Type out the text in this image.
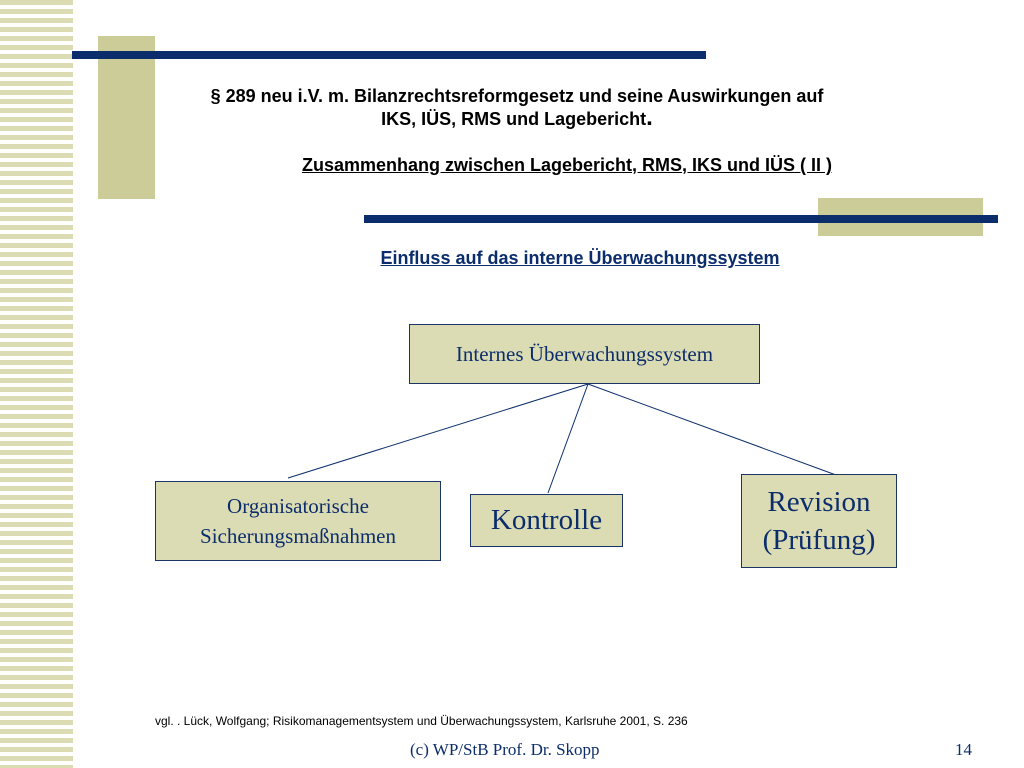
§ 289 neu i.V. m. Bilanzrechtsreformgesetz und seine Auswirkungen auf
IKS, IÜS, RMS und Lagebericht.
Zusammenhang zwischen Lagebericht, RMS, IKS und IÜS ( II )
Einfluss auf das interne Überwachungssystem
Internes Überwachungssystem
Organisatorische
Sicherungsmaßnahmen	Kontrolle
Revision
(Prüfung)
vgl. . Lück, Wolfgang; Risikomanagementsystem und Überwachungssystem, Karlsruhe 2001, S. 236
(c) WP/StB Prof. Dr. Skopp	14
